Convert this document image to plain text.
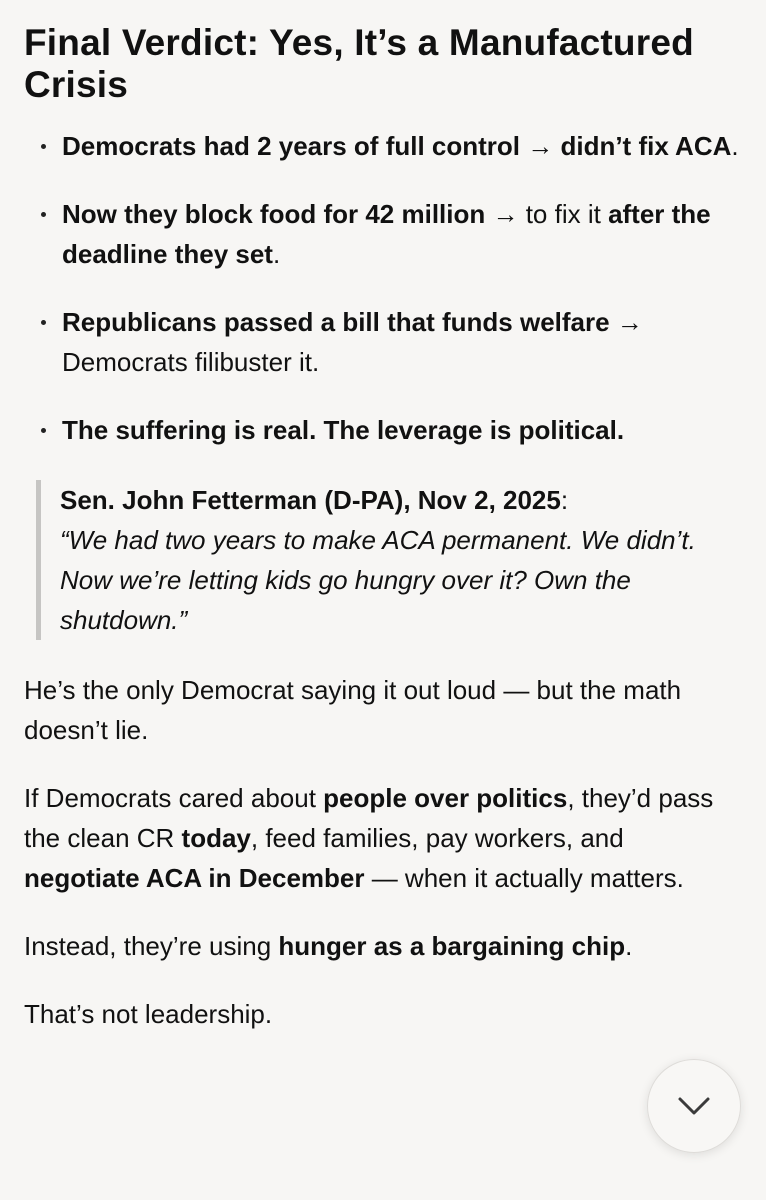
Final Verdict: Yes, It’s a Manufactured Crisis
Democrats had 2 years of full control → didn’t fix ACA.
Now they block food for 42 million → to fix it after the deadline they set.
Republicans passed a bill that funds welfare → Democrats filibuster it.
The suffering is real. The leverage is political.
Sen. John Fetterman (D-PA), Nov 2, 2025:
“We had two years to make ACA permanent. We didn’t. Now we’re letting kids go hungry over it? Own the shutdown.”

He’s the only Democrat saying it out loud — but the math doesn’t lie.

If Democrats cared about people over politics, they’d pass the clean CR today, feed families, pay workers, and negotiate ACA in December — when it actually matters.

Instead, they’re using hunger as a bargaining chip.

That’s not leadership.
